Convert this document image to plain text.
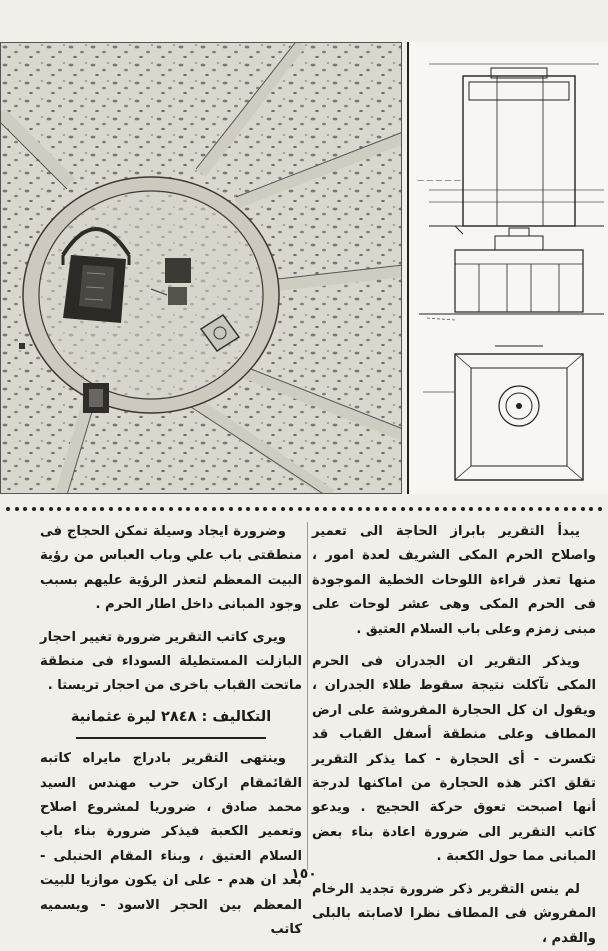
— — — — —

يبدأ التقرير بابراز الحاجة الى تعمير واصلاح الحرم المكى الشريف لعدة امور ، منها تعذر قراءة اللوحات الخطية الموجودة فى الحرم المكى وهى عشر لوحات على مبنى زمزم وعلى باب السلام العتيق .

ويذكر التقرير ان الجدران فى الحرم المكى تآكلت نتيجة سقوط طلاء الجدران ، ويقول ان كل الحجارة المفروشة على ارض المطاف وعلى منطقة أسفل القباب قد تكسرت - أى الحجارة - كما يذكر التقرير تقلق اكثر هذه الحجارة من اماكنها لدرجة أنها اصبحت تعوق حركة الحجيج . ويدعو كاتب التقرير الى ضرورة اعادة بناء بعض المبانى مما حول الكعبة .

لم ينس التقرير ذكر ضرورة تجديد الرخام المفروش فى المطاف نظرا لاصابته بالبلى والقدم ،

وضرورة ايجاد وسيلة تمكن الحجاج فى منطقتى باب علي وباب العباس من رؤية البيت المعظم لتعذر الرؤية عليهم بسبب وجود المبانى داخل اطار الحرم .

ويرى كاتب التقرير ضرورة تغيير احجار البازلت المستطيلة السوداء فى منطقة ماتحت القباب باخرى من احجار تريستا .

التكاليف : ٢٨٤٨ ليرة عثمانية

وينتهى التقرير بادراج مايراه كاتبه القائمقام اركان حرب مهندس السيد محمد صادق ، ضروريا لمشروع اصلاح وتعمير الكعبة فيذكر ضرورة بناء باب السلام العتيق ، وبناء المقام الحنبلى - بعد ان هدم - على ان يكون موازيا للبيت المعظم بين الحجر الاسود - ويسميه كاتب

١٥٠
